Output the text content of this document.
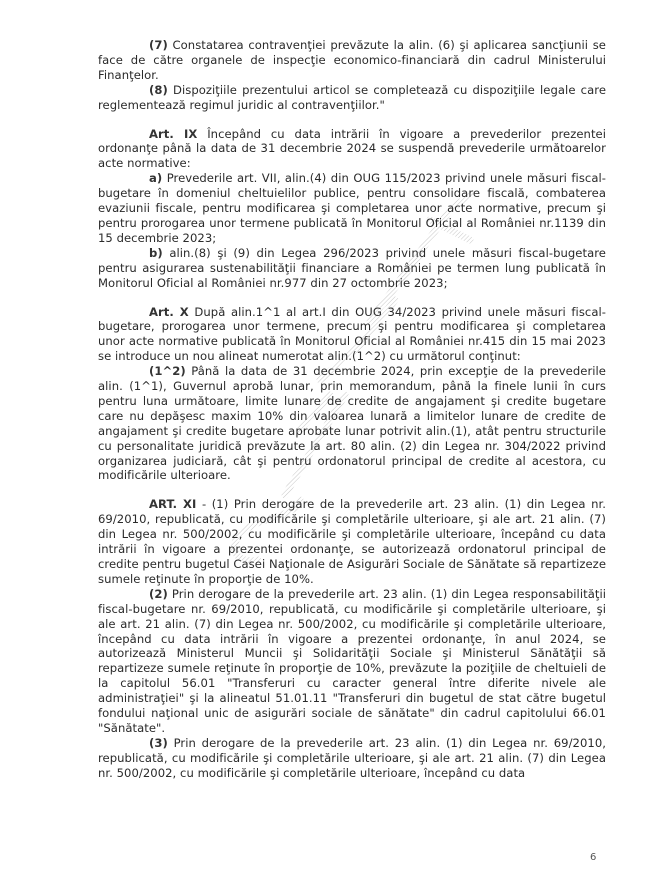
(7) Constatarea contravenţiei prevăzute la alin. (6) şi aplicarea sancţiunii se face de către organele de inspecţie economico-financiară din cadrul Ministerului Finanţelor.

(8) Dispoziţiile prezentului articol se completează cu dispoziţiile legale care reglementează regimul juridic al contravenţiilor."

Art. IX Începând cu data intrării în vigoare a prevederilor prezentei ordonanţe până la data de 31 decembrie 2024 se suspendă prevederile următoarelor acte normative:

a) Prevederile art. VII, alin.(4) din OUG 115/2023 privind unele măsuri fiscal-bugetare în domeniul cheltuielilor publice, pentru consolidare fiscală, combaterea evaziunii fiscale, pentru modificarea şi completarea unor acte normative, precum şi pentru prorogarea unor termene publicată în Monitorul Oficial al României nr.1139 din 15 decembrie 2023;

b) alin.(8) şi (9) din Legea 296/2023 privind unele măsuri fiscal-bugetare pentru asigurarea sustenabilităţii financiare a României pe termen lung publicată în Monitorul Oficial al României nr.977 din 27 octombrie 2023;

Art. X După alin.1^1 al art.I din OUG 34/2023 privind unele măsuri fiscal-bugetare, prorogarea unor termene, precum şi pentru modificarea şi completarea unor acte normative publicată în Monitorul Oficial al României nr.415 din 15 mai 2023 se introduce un nou alineat numerotat alin.(1^2) cu următorul conţinut:

(1^2) Până la data de 31 decembrie 2024, prin excepţie de la prevederile alin. (1^1), Guvernul aprobă lunar, prin memorandum, până la finele lunii în curs pentru luna următoare, limite lunare de credite de angajament şi credite bugetare care nu depăşesc maxim 10% din valoarea lunară a limitelor lunare de credite de angajament şi credite bugetare aprobate lunar potrivit alin.(1), atât pentru structurile cu personalitate juridică prevăzute la art. 80 alin. (2) din Legea nr. 304/2022 privind organizarea judiciară, cât şi pentru ordonatorul principal de credite al acestora, cu modificările ulterioare.

ART. XI - (1) Prin derogare de la prevederile art. 23 alin. (1) din Legea nr. 69/2010, republicată, cu modificările şi completările ulterioare, şi ale art. 21 alin. (7) din Legea nr. 500/2002, cu modificările şi completările ulterioare, începând cu data intrării în vigoare a prezentei ordonanţe, se autorizează ordonatorul principal de credite pentru bugetul Casei Naţionale de Asigurări Sociale de Sănătate să repartizeze sumele reţinute în proporţie de 10%.

(2) Prin derogare de la prevederile art. 23 alin. (1) din Legea responsabilităţii fiscal-bugetare nr. 69/2010, republicată, cu modificările şi completările ulterioare, şi ale art. 21 alin. (7) din Legea nr. 500/2002, cu modificările şi completările ulterioare, începând cu data intrării în vigoare a prezentei ordonanţe, în anul 2024, se autorizează Ministerul Muncii şi Solidarităţii Sociale şi Ministerul Sănătăţii să repartizeze sumele reţinute în proporţie de 10%, prevăzute la poziţiile de cheltuieli de la capitolul 56.01 "Transferuri cu caracter general între diferite nivele ale administraţiei" şi la alineatul 51.01.11 "Transferuri din bugetul de stat către bugetul fondului naţional unic de asigurări sociale de sănătate" din cadrul capitolului 66.01 "Sănătate".

(3) Prin derogare de la prevederile art. 23 alin. (1) din Legea nr. 69/2010, republicată, cu modificările şi completările ulterioare, şi ale art. 21 alin. (7) din Legea nr. 500/2002, cu modificările şi completările ulterioare, începând cu data

6
